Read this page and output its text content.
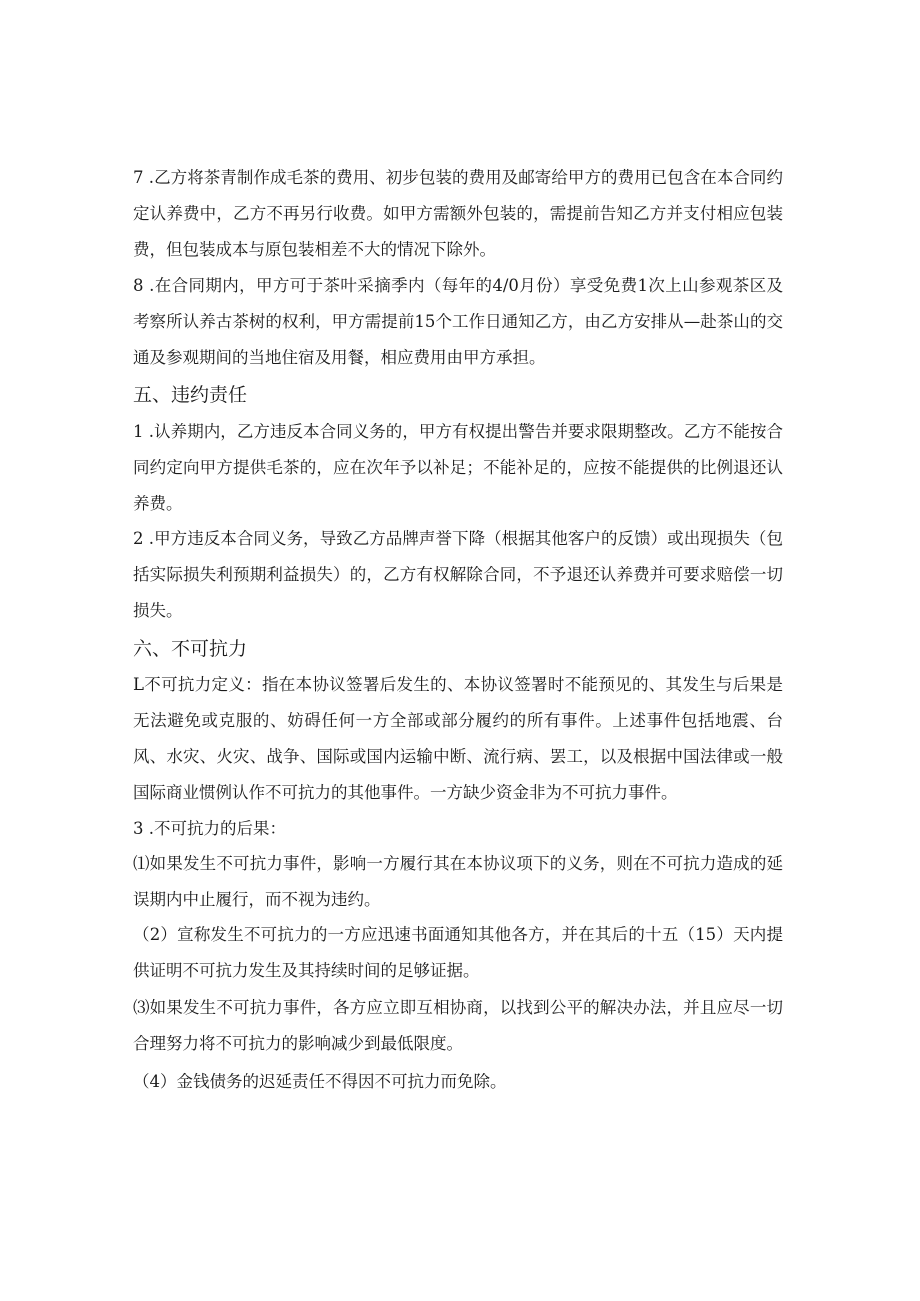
7 .乙方将茶青制作成毛茶的费用、初步包装的费用及邮寄给甲方的费用已包含在本合同约定认养费中，乙方不再另行收费。如甲方需额外包装的，需提前告知乙方并支付相应包装费，但包装成本与原包装相差不大的情况下除外。

8 .在合同期内，甲方可于茶叶采摘季内（每年的4/0月份）享受免费1次上山参观茶区及考察所认养古茶树的权利，甲方需提前15个工作日通知乙方，由乙方安排从—赴茶山的交通及参观期间的当地住宿及用餐，相应费用由甲方承担。

五、违约责任

1 .认养期内，乙方违反本合同义务的，甲方有权提出警告并要求限期整改。乙方不能按合同约定向甲方提供毛茶的，应在次年予以补足；不能补足的，应按不能提供的比例退还认养费。

2 .甲方违反本合同义务，导致乙方品牌声誉下降（根据其他客户的反馈）或出现损失（包括实际损失利预期利益损失）的，乙方有权解除合同，不予退还认养费并可要求赔偿一切损失。

六、不可抗力

L不可抗力定义：指在本协议签署后发生的、本协议签署时不能预见的、其发生与后果是无法避免或克服的、妨碍任何一方全部或部分履约的所有事件。上述事件包括地震、台风、水灾、火灾、战争、国际或国内运输中断、流行病、罢工，以及根据中国法律或一般国际商业惯例认作不可抗力的其他事件。一方缺少资金非为不可抗力事件。

3 .不可抗力的后果：

⑴如果发生不可抗力事件，影响一方履行其在本协议项下的义务，则在不可抗力造成的延误期内中止履行，而不视为违约。

（2）宣称发生不可抗力的一方应迅速书面通知其他各方，并在其后的十五（15）天内提供证明不可抗力发生及其持续时间的足够证据。

⑶如果发生不可抗力事件，各方应立即互相协商，以找到公平的解决办法，并且应尽一切合理努力将不可抗力的影响减少到最低限度。

（4）金钱债务的迟延责任不得因不可抗力而免除。
